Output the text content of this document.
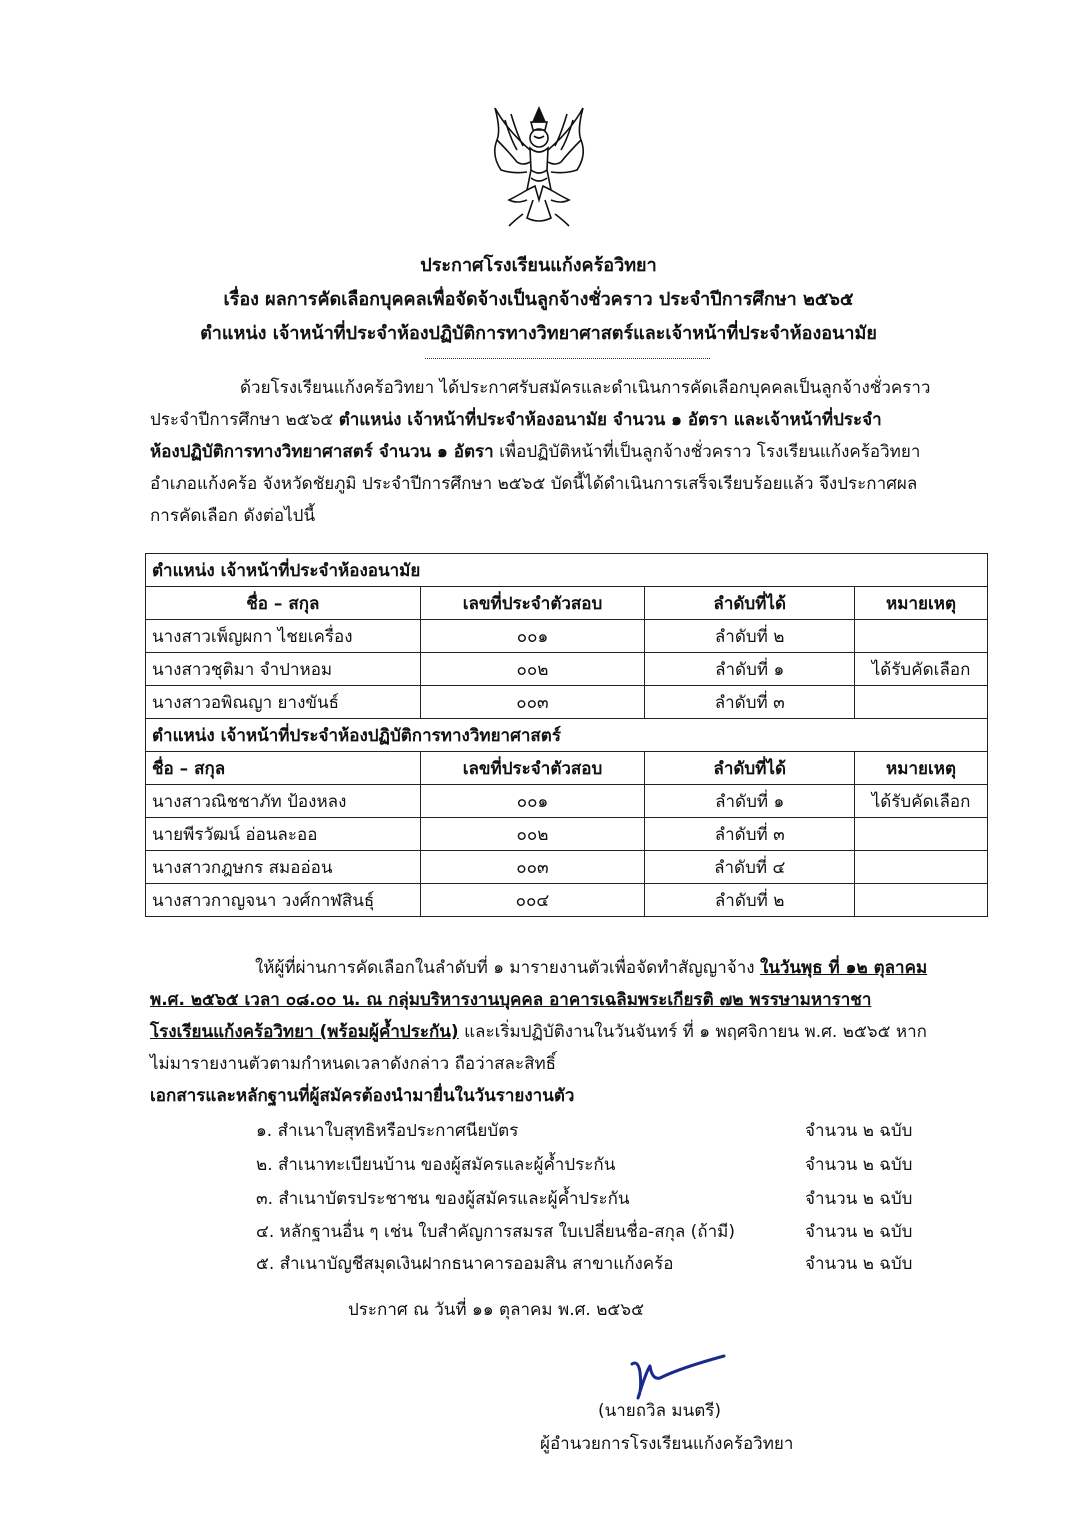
ประกาศโรงเรียนแก้งคร้อวิทยา
เรื่อง ผลการคัดเลือกบุคคลเพื่อจัดจ้างเป็นลูกจ้างชั่วคราว ประจำปีการศึกษา ๒๕๖๕
ตำแหน่ง เจ้าหน้าที่ประจำห้องปฏิบัติการทางวิทยาศาสตร์และเจ้าหน้าที่ประจำห้องอนามัย
ด้วยโรงเรียนแก้งคร้อวิทยา ได้ประกาศรับสมัครและดำเนินการคัดเลือกบุคคลเป็นลูกจ้างชั่วคราว
ประจำปีการศึกษา ๒๕๖๕ ตำแหน่ง เจ้าหน้าที่ประจำห้องอนามัย จำนวน ๑ อัตรา และเจ้าหน้าที่ประจำ
ห้องปฏิบัติการทางวิทยาศาสตร์ จำนวน ๑ อัตรา เพื่อปฏิบัติหน้าที่เป็นลูกจ้างชั่วคราว โรงเรียนแก้งคร้อวิทยา
อำเภอแก้งคร้อ จังหวัดชัยภูมิ ประจำปีการศึกษา ๒๕๖๕ บัดนี้ได้ดำเนินการเสร็จเรียบร้อยแล้ว จึงประกาศผล
การคัดเลือก ดังต่อไปนี้
ตำแหน่ง เจ้าหน้าที่ประจำห้องอนามัย			
ชื่อ – สกุล	เลขที่ประจำตัวสอบ	ลำดับที่ได้	หมายเหตุ
นางสาวเพ็ญผกา ไชยเครื่อง	๐๐๑	ลำดับที่ ๒	
นางสาวชุติมา จำปาหอม	๐๐๒	ลำดับที่ ๑	ได้รับคัดเลือก
นางสาวอพิณญา ยางขันธ์	๐๐๓	ลำดับที่ ๓	
ตำแหน่ง เจ้าหน้าที่ประจำห้องปฏิบัติการทางวิทยาศาสตร์			
ชื่อ – สกุล	เลขที่ประจำตัวสอบ	ลำดับที่ได้	หมายเหตุ
นางสาวณิชชาภัท ป้องหลง	๐๐๑	ลำดับที่ ๑	ได้รับคัดเลือก
นายพีรวัฒน์ อ่อนละออ	๐๐๒	ลำดับที่ ๓	
นางสาวกฎษกร สมออ่อน	๐๐๓	ลำดับที่ ๔	
นางสาวกาญจนา วงศ์กาฬสินธุ์	๐๐๔	ลำดับที่ ๒	
ให้ผู้ที่ผ่านการคัดเลือกในลำดับที่ ๑ มารายงานตัวเพื่อจัดทำสัญญาจ้าง ในวันพุธ ที่ ๑๒ ตุลาคม
พ.ศ. ๒๕๖๕ เวลา ๐๘.๐๐ น. ณ กลุ่มบริหารงานบุคคล อาคารเฉลิมพระเกียรติ ๗๒ พรรษามหาราชา
โรงเรียนแก้งคร้อวิทยา (พร้อมผู้ค้ำประกัน) และเริ่มปฏิบัติงานในวันจันทร์ ที่ ๑ พฤศจิกายน พ.ศ. ๒๕๖๕ หาก
ไม่มารายงานตัวตามกำหนดเวลาดังกล่าว ถือว่าสละสิทธิ์
เอกสารและหลักฐานที่ผู้สมัครต้องนำมายื่นในวันรายงานตัว
๑. สำเนาใบสุทธิหรือประกาศนียบัตร	จำนวน ๒ ฉบับ
๒. สำเนาทะเบียนบ้าน ของผู้สมัครและผู้ค้ำประกัน	จำนวน ๒ ฉบับ
๓. สำเนาบัตรประชาชน ของผู้สมัครและผู้ค้ำประกัน	จำนวน ๒ ฉบับ
๔. หลักฐานอื่น ๆ เช่น ใบสำคัญการสมรส ใบเปลี่ยนชื่อ-สกุล (ถ้ามี)	จำนวน ๒ ฉบับ
๕. สำเนาบัญชีสมุดเงินฝากธนาคารออมสิน สาขาแก้งคร้อ	จำนวน ๒ ฉบับ
ประกาศ ณ วันที่ ๑๑ ตุลาคม พ.ศ. ๒๕๖๕
(นายถวิล มนตรี)
ผู้อำนวยการโรงเรียนแก้งคร้อวิทยา
